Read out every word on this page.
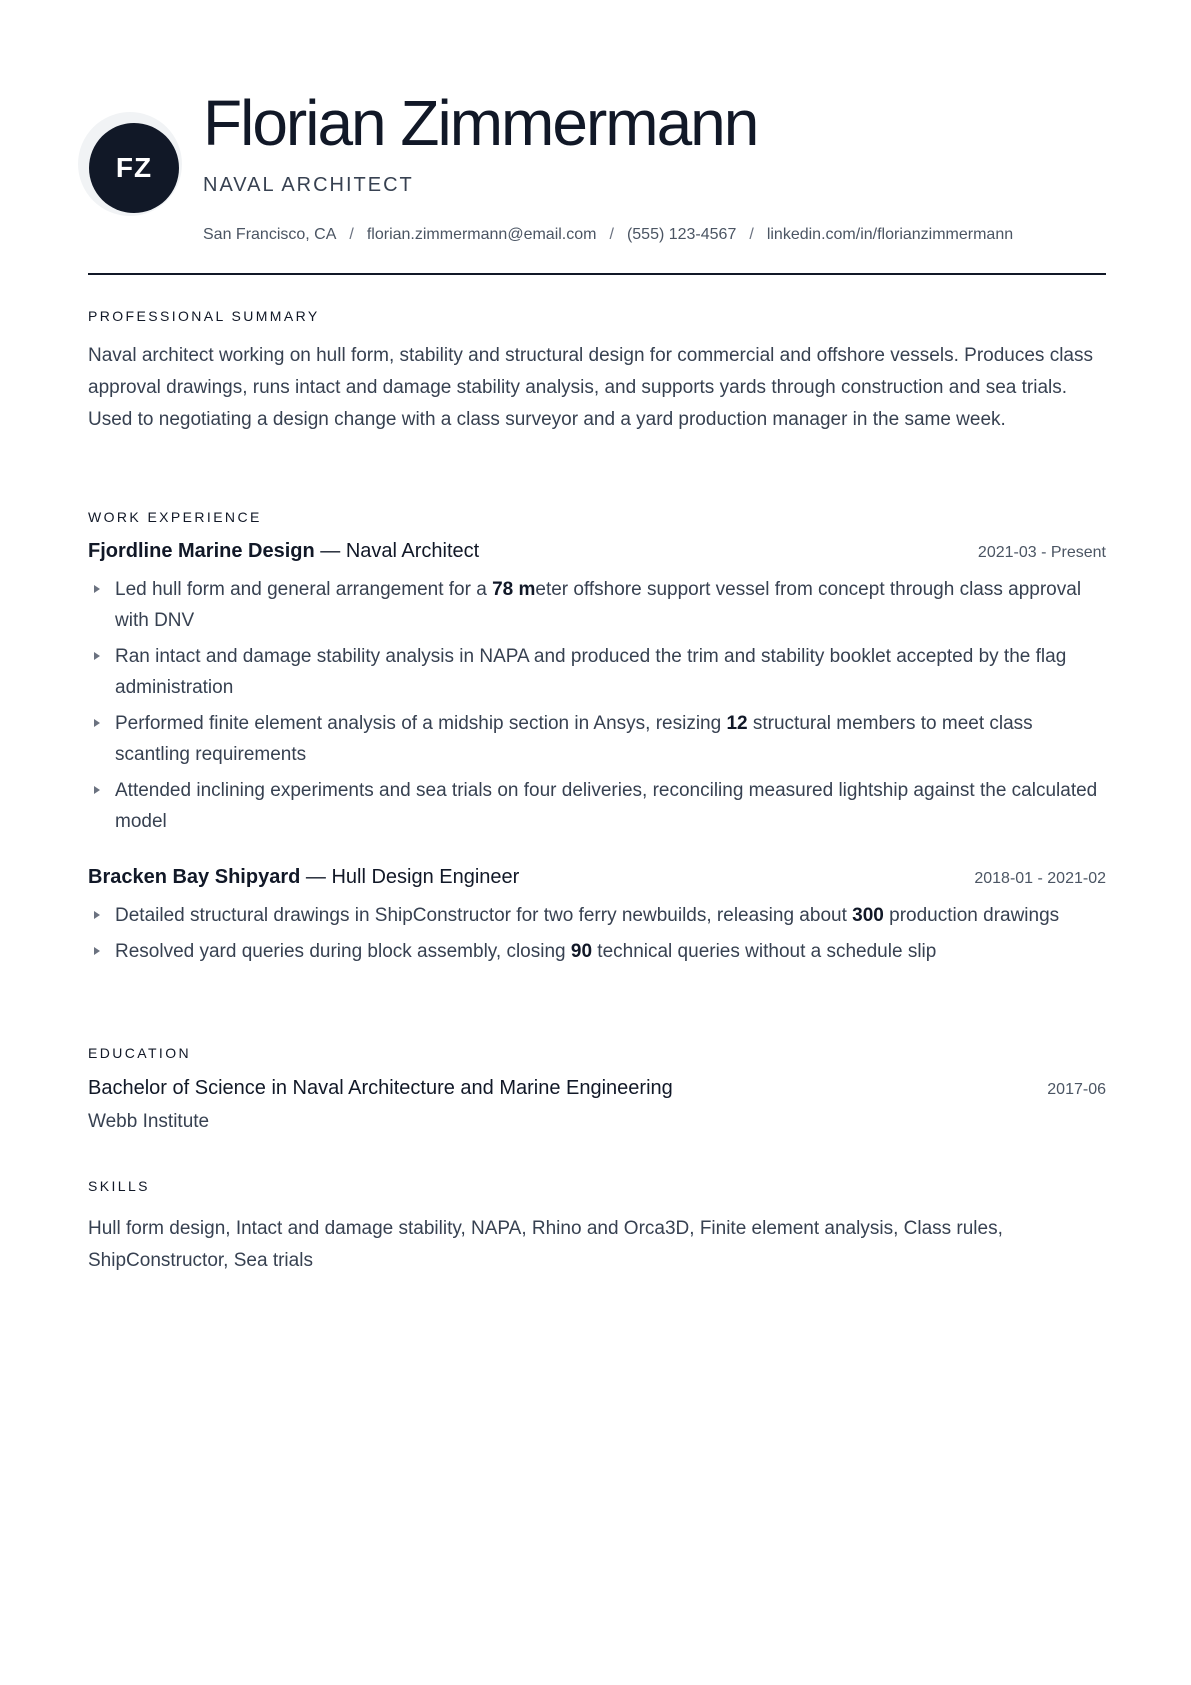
FZ
Florian Zimmermann
NAVAL ARCHITECT
San Francisco, CA / florian.zimmermann@email.com / (555) 123-4567 / linkedin.com/in/florianzimmermann
PROFESSIONAL SUMMARY

Naval architect working on hull form, stability and structural design for commercial and offshore vessels. Produces class approval drawings, runs intact and damage stability analysis, and supports yards through construction and sea trials. Used to negotiating a design change with a class surveyor and a yard production manager in the same week.

WORK EXPERIENCE
Fjordline Marine Design — Naval Architect	2021-03 - Present
Led hull form and general arrangement for a 78 meter offshore support vessel from concept through class approval with DNV
Ran intact and damage stability analysis in NAPA and produced the trim and stability booklet accepted by the flag administration
Performed finite element analysis of a midship section in Ansys, resizing 12 structural members to meet class scantling requirements
Attended inclining experiments and sea trials on four deliveries, reconciling measured lightship against the calculated model
Bracken Bay Shipyard — Hull Design Engineer	2018-01 - 2021-02
Detailed structural drawings in ShipConstructor for two ferry newbuilds, releasing about 300 production drawings
Resolved yard queries during block assembly, closing 90 technical queries without a schedule slip
EDUCATION
Bachelor of Science in Naval Architecture and Marine Engineering	2017-06
Webb Institute
SKILLS

Hull form design, Intact and damage stability, NAPA, Rhino and Orca3D, Finite element analysis, Class rules, ShipConstructor, Sea trials
